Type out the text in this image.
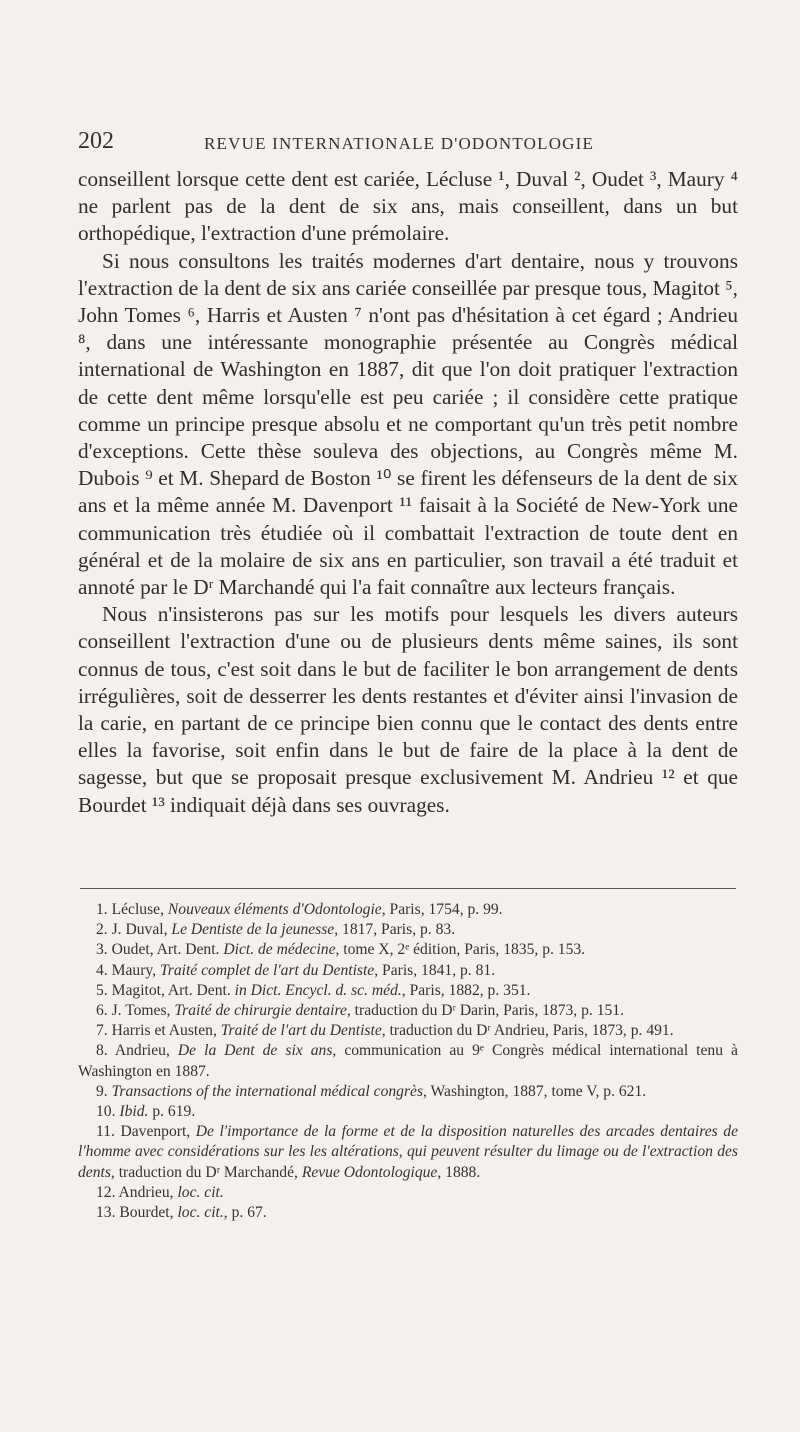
202	REVUE INTERNATIONALE D'ODONTOLOGIE

conseillent lorsque cette dent est cariée, Lécluse ¹, Duval ², Oudet ³, Maury ⁴ ne parlent pas de la dent de six ans, mais conseillent, dans un but orthopédique, l'extraction d'une prémolaire.

Si nous consultons les traités modernes d'art dentaire, nous y trouvons l'extraction de la dent de six ans cariée conseillée par presque tous, Magitot ⁵, John Tomes ⁶, Harris et Austen ⁷ n'ont pas d'hésitation à cet égard ; Andrieu ⁸, dans une intéressante monographie présentée au Congrès médical international de Washington en 1887, dit que l'on doit pratiquer l'extraction de cette dent même lorsqu'elle est peu cariée ; il considère cette pratique comme un principe presque absolu et ne comportant qu'un très petit nombre d'exceptions. Cette thèse souleva des objections, au Congrès même M. Dubois ⁹ et M. Shepard de Boston ¹⁰ se firent les défenseurs de la dent de six ans et la même année M. Davenport ¹¹ faisait à la Société de New-York une communication très étudiée où il combattait l'extraction de toute dent en général et de la molaire de six ans en particulier, son travail a été traduit et annoté par le Dʳ Marchandé qui l'a fait connaître aux lecteurs français.

Nous n'insisterons pas sur les motifs pour lesquels les divers auteurs conseillent l'extraction d'une ou de plusieurs dents même saines, ils sont connus de tous, c'est soit dans le but de faciliter le bon arrangement de dents irrégulières, soit de desserrer les dents restantes et d'éviter ainsi l'invasion de la carie, en partant de ce principe bien connu que le contact des dents entre elles la favorise, soit enfin dans le but de faire de la place à la dent de sagesse, but que se proposait presque exclusivement M. Andrieu ¹² et que Bourdet ¹³ indiquait déjà dans ses ouvrages.

1. Lécluse, Nouveaux éléments d'Odontologie, Paris, 1754, p. 99.

2. J. Duval, Le Dentiste de la jeunesse, 1817, Paris, p. 83.

3. Oudet, Art. Dent. Dict. de médecine, tome X, 2ᵉ édition, Paris, 1835, p. 153.

4. Maury, Traité complet de l'art du Dentiste, Paris, 1841, p. 81.

5. Magitot, Art. Dent. in Dict. Encycl. d. sc. méd., Paris, 1882, p. 351.

6. J. Tomes, Traité de chirurgie dentaire, traduction du Dʳ Darin, Paris, 1873, p. 151.

7. Harris et Austen, Traité de l'art du Dentiste, traduction du Dʳ Andrieu, Paris, 1873, p. 491.

8. Andrieu, De la Dent de six ans, communication au 9ᵉ Congrès médical international tenu à Washington en 1887.

9. Transactions of the international médical congrès, Washington, 1887, tome V, p. 621.

10. Ibid. p. 619.

11. Davenport, De l'importance de la forme et de la disposition naturelles des arcades dentaires de l'homme avec considérations sur les les altérations, qui peuvent résulter du limage ou de l'extraction des dents, traduction du Dʳ Marchandé, Revue Odontologique, 1888.

12. Andrieu, loc. cit.

13. Bourdet, loc. cit., p. 67.
